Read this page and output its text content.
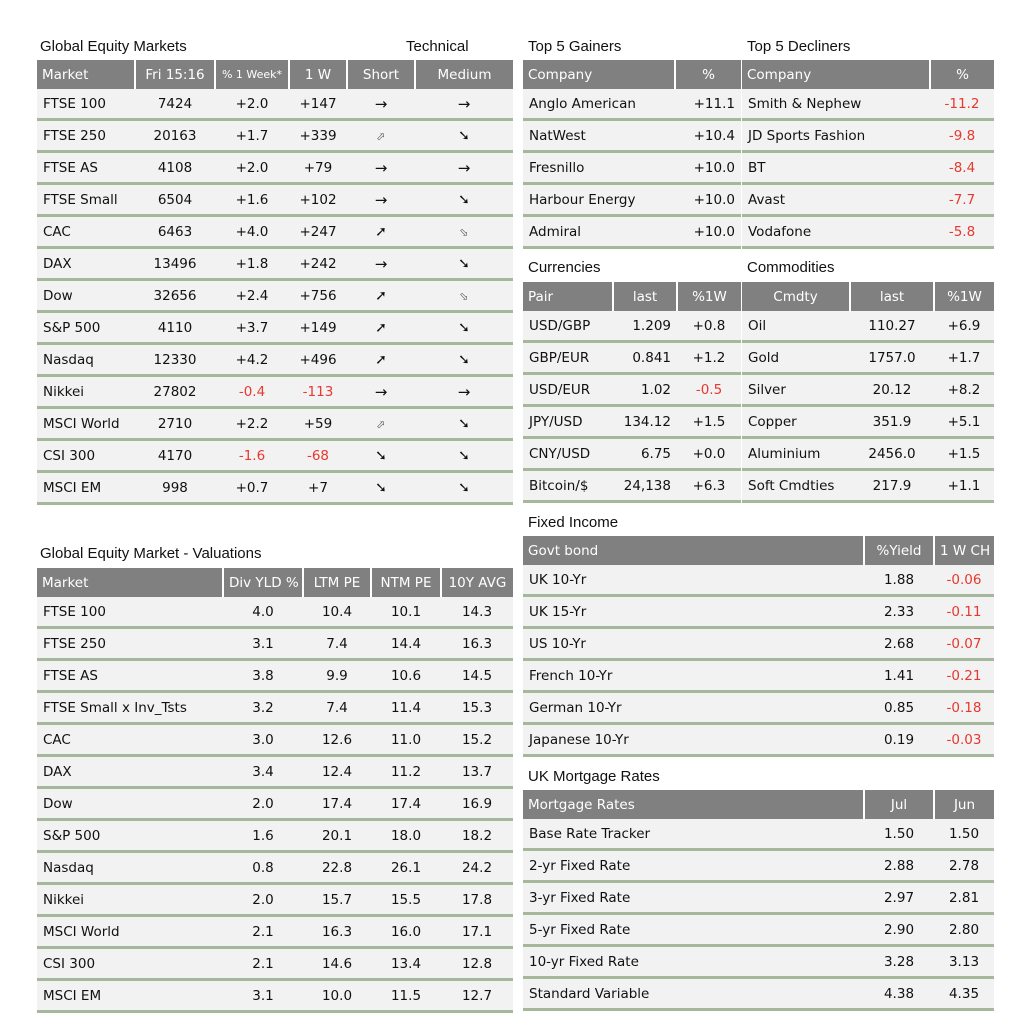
Global Equity Markets	Technical
Market	Fri 15:16	% 1 Week*	1 W	Short	Medium
FTSE 100	7424	+2.0	+147	→	→
FTSE 250	20163	+1.7	+339	⬀	➘
FTSE AS	4108	+2.0	+79	→	→
FTSE Small	6504	+1.6	+102	→	➘
CAC	6463	+4.0	+247	➚	⬂
DAX	13496	+1.8	+242	→	➘
Dow	32656	+2.4	+756	➚	⬂
S&P 500	4110	+3.7	+149	➚	➘
Nasdaq	12330	+4.2	+496	➚	➘
Nikkei	27802	-0.4	-113	→	→
MSCI World	2710	+2.2	+59	⬀	➘
CSI 300	4170	-1.6	-68	➘	➘
MSCI EM	998	+0.7	+7	➘	➘
Global Equity Market - Valuations
Market	Div YLD %	LTM PE	NTM PE	10Y AVG
FTSE 100	4.0	10.4	10.1	14.3
FTSE 250	3.1	7.4	14.4	16.3
FTSE AS	3.8	9.9	10.6	14.5
FTSE Small x Inv_Tsts	3.2	7.4	11.4	15.3
CAC	3.0	12.6	11.0	15.2
DAX	3.4	12.4	11.2	13.7
Dow	2.0	17.4	17.4	16.9
S&P 500	1.6	20.1	18.0	18.2
Nasdaq	0.8	22.8	26.1	24.2
Nikkei	2.0	15.7	15.5	17.8
MSCI World	2.1	16.3	16.0	17.1
CSI 300	2.1	14.6	13.4	12.8
MSCI EM	3.1	10.0	11.5	12.7
Top 5 Gainers
Company	%
Anglo American	+11.1
NatWest	+10.4
Fresnillo	+10.0
Harbour Energy	+10.0
Admiral	+10.0
Top 5 Decliners
Company	%
Smith & Nephew	-11.2
JD Sports Fashion	-9.8
BT	-8.4
Avast	-7.7
Vodafone	-5.8
Currencies
Pair	last	%1W
USD/GBP	1.209	+0.8
GBP/EUR	0.841	+1.2
USD/EUR	1.02	-0.5
JPY/USD	134.12	+1.5
CNY/USD	6.75	+0.0
Bitcoin/$	24,138	+6.3
Commodities
Cmdty	last	%1W
Oil	110.27	+6.9
Gold	1757.0	+1.7
Silver	20.12	+8.2
Copper	351.9	+5.1
Aluminium	2456.0	+1.5
Soft Cmdties	217.9	+1.1
Fixed Income
Govt bond	%Yield	1 W CH
UK 10-Yr	1.88	-0.06
UK 15-Yr	2.33	-0.11
US 10-Yr	2.68	-0.07
French 10-Yr	1.41	-0.21
German 10-Yr	0.85	-0.18
Japanese 10-Yr	0.19	-0.03
UK Mortgage Rates
Mortgage Rates	Jul	Jun
Base Rate Tracker	1.50	1.50
2-yr Fixed Rate	2.88	2.78
3-yr Fixed Rate	2.97	2.81
5-yr Fixed Rate	2.90	2.80
10-yr Fixed Rate	3.28	3.13
Standard Variable	4.38	4.35
